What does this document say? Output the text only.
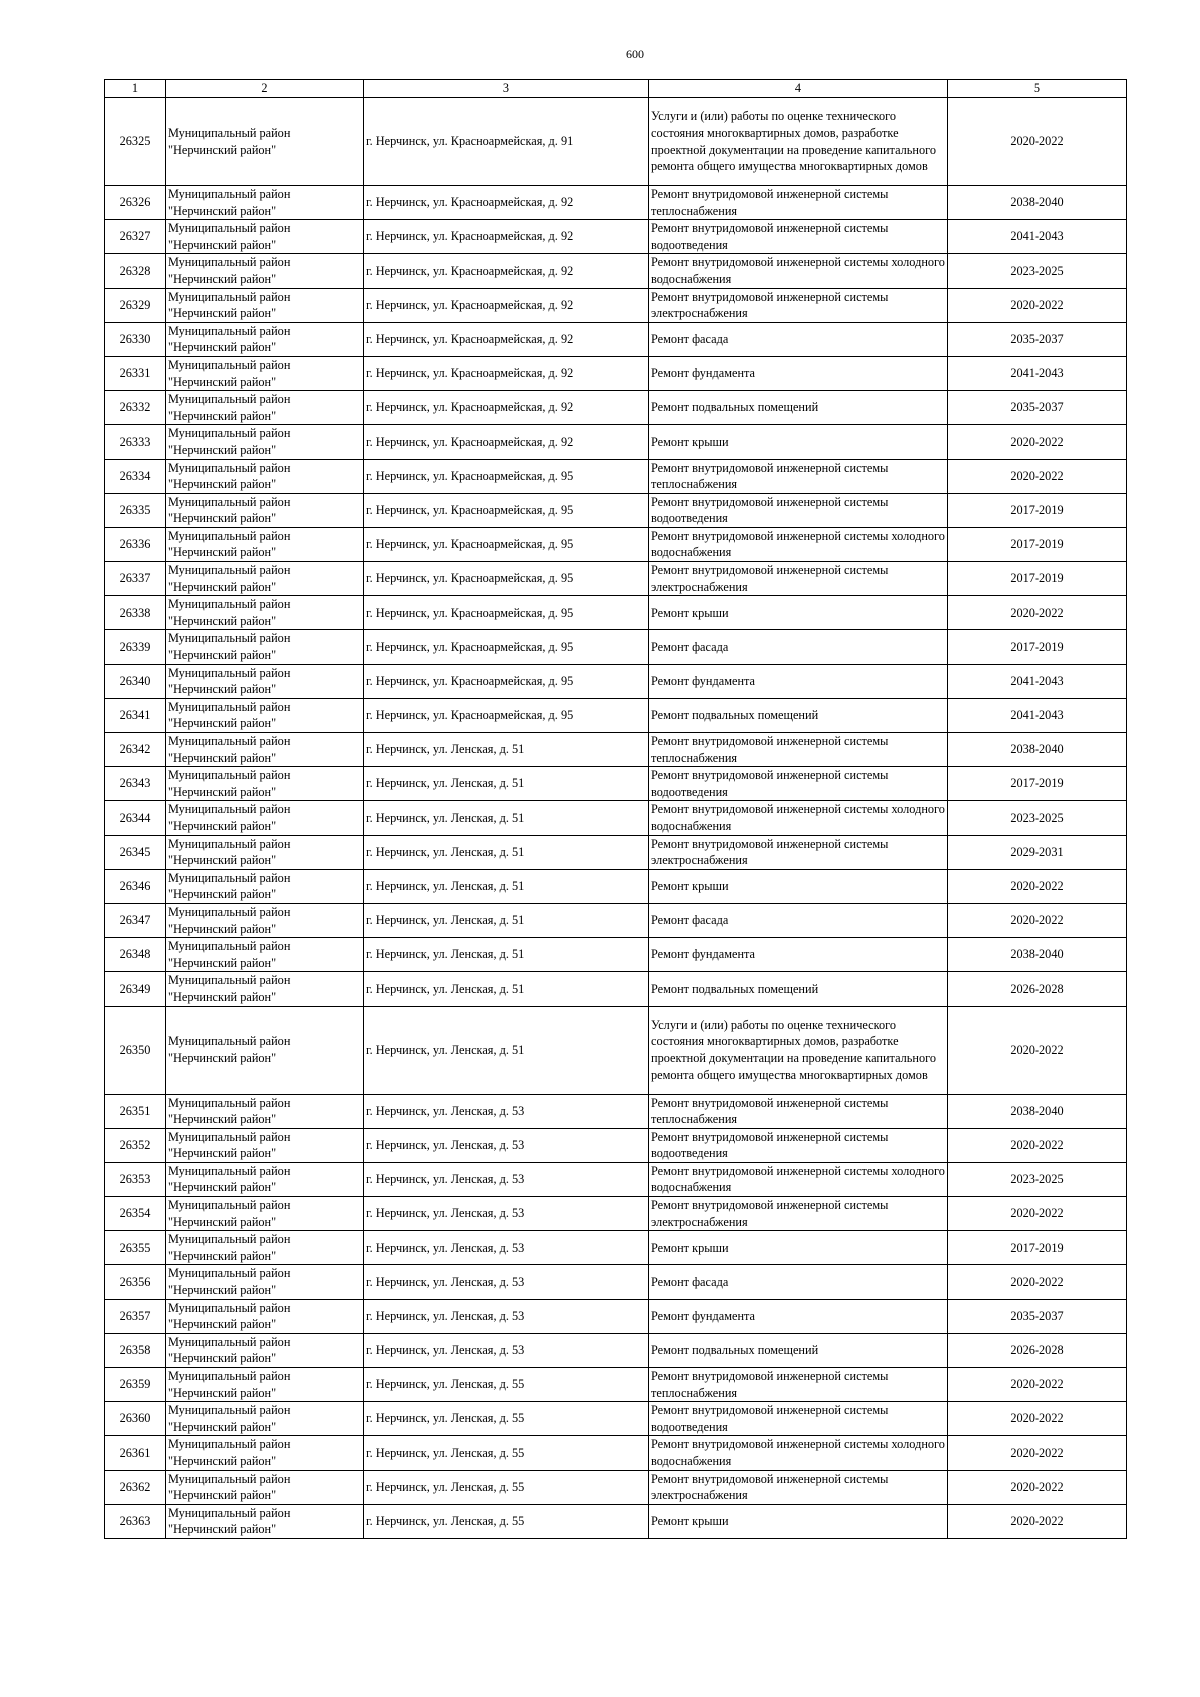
600
1	2	3	4	5
26325	Муниципальный район "Нерчинский район"	г. Нерчинск, ул. Красноармейская, д. 91	Услуги и (или) работы по оценке технического состояния многоквартирных домов, разработке проектной документации на проведение капитального ремонта общего имущества многоквартирных домов	2020-2022
26326	Муниципальный район "Нерчинский район"	г. Нерчинск, ул. Красноармейская, д. 92	Ремонт внутридомовой инженерной системы теплоснабжения	2038-2040
26327	Муниципальный район "Нерчинский район"	г. Нерчинск, ул. Красноармейская, д. 92	Ремонт внутридомовой инженерной системы водоотведения	2041-2043
26328	Муниципальный район "Нерчинский район"	г. Нерчинск, ул. Красноармейская, д. 92	Ремонт внутридомовой инженерной системы холодного водоснабжения	2023-2025
26329	Муниципальный район "Нерчинский район"	г. Нерчинск, ул. Красноармейская, д. 92	Ремонт внутридомовой инженерной системы электроснабжения	2020-2022
26330	Муниципальный район "Нерчинский район"	г. Нерчинск, ул. Красноармейская, д. 92	Ремонт фасада	2035-2037
26331	Муниципальный район "Нерчинский район"	г. Нерчинск, ул. Красноармейская, д. 92	Ремонт фундамента	2041-2043
26332	Муниципальный район "Нерчинский район"	г. Нерчинск, ул. Красноармейская, д. 92	Ремонт подвальных помещений	2035-2037
26333	Муниципальный район "Нерчинский район"	г. Нерчинск, ул. Красноармейская, д. 92	Ремонт крыши	2020-2022
26334	Муниципальный район "Нерчинский район"	г. Нерчинск, ул. Красноармейская, д. 95	Ремонт внутридомовой инженерной системы теплоснабжения	2020-2022
26335	Муниципальный район "Нерчинский район"	г. Нерчинск, ул. Красноармейская, д. 95	Ремонт внутридомовой инженерной системы водоотведения	2017-2019
26336	Муниципальный район "Нерчинский район"	г. Нерчинск, ул. Красноармейская, д. 95	Ремонт внутридомовой инженерной системы холодного водоснабжения	2017-2019
26337	Муниципальный район "Нерчинский район"	г. Нерчинск, ул. Красноармейская, д. 95	Ремонт внутридомовой инженерной системы электроснабжения	2017-2019
26338	Муниципальный район "Нерчинский район"	г. Нерчинск, ул. Красноармейская, д. 95	Ремонт крыши	2020-2022
26339	Муниципальный район "Нерчинский район"	г. Нерчинск, ул. Красноармейская, д. 95	Ремонт фасада	2017-2019
26340	Муниципальный район "Нерчинский район"	г. Нерчинск, ул. Красноармейская, д. 95	Ремонт фундамента	2041-2043
26341	Муниципальный район "Нерчинский район"	г. Нерчинск, ул. Красноармейская, д. 95	Ремонт подвальных помещений	2041-2043
26342	Муниципальный район "Нерчинский район"	г. Нерчинск, ул. Ленская, д. 51	Ремонт внутридомовой инженерной системы теплоснабжения	2038-2040
26343	Муниципальный район "Нерчинский район"	г. Нерчинск, ул. Ленская, д. 51	Ремонт внутридомовой инженерной системы водоотведения	2017-2019
26344	Муниципальный район "Нерчинский район"	г. Нерчинск, ул. Ленская, д. 51	Ремонт внутридомовой инженерной системы холодного водоснабжения	2023-2025
26345	Муниципальный район "Нерчинский район"	г. Нерчинск, ул. Ленская, д. 51	Ремонт внутридомовой инженерной системы электроснабжения	2029-2031
26346	Муниципальный район "Нерчинский район"	г. Нерчинск, ул. Ленская, д. 51	Ремонт крыши	2020-2022
26347	Муниципальный район "Нерчинский район"	г. Нерчинск, ул. Ленская, д. 51	Ремонт фасада	2020-2022
26348	Муниципальный район "Нерчинский район"	г. Нерчинск, ул. Ленская, д. 51	Ремонт фундамента	2038-2040
26349	Муниципальный район "Нерчинский район"	г. Нерчинск, ул. Ленская, д. 51	Ремонт подвальных помещений	2026-2028
26350	Муниципальный район "Нерчинский район"	г. Нерчинск, ул. Ленская, д. 51	Услуги и (или) работы по оценке технического состояния многоквартирных домов, разработке проектной документации на проведение капитального ремонта общего имущества многоквартирных домов	2020-2022
26351	Муниципальный район "Нерчинский район"	г. Нерчинск, ул. Ленская, д. 53	Ремонт внутридомовой инженерной системы теплоснабжения	2038-2040
26352	Муниципальный район "Нерчинский район"	г. Нерчинск, ул. Ленская, д. 53	Ремонт внутридомовой инженерной системы водоотведения	2020-2022
26353	Муниципальный район "Нерчинский район"	г. Нерчинск, ул. Ленская, д. 53	Ремонт внутридомовой инженерной системы холодного водоснабжения	2023-2025
26354	Муниципальный район "Нерчинский район"	г. Нерчинск, ул. Ленская, д. 53	Ремонт внутридомовой инженерной системы электроснабжения	2020-2022
26355	Муниципальный район "Нерчинский район"	г. Нерчинск, ул. Ленская, д. 53	Ремонт крыши	2017-2019
26356	Муниципальный район "Нерчинский район"	г. Нерчинск, ул. Ленская, д. 53	Ремонт фасада	2020-2022
26357	Муниципальный район "Нерчинский район"	г. Нерчинск, ул. Ленская, д. 53	Ремонт фундамента	2035-2037
26358	Муниципальный район "Нерчинский район"	г. Нерчинск, ул. Ленская, д. 53	Ремонт подвальных помещений	2026-2028
26359	Муниципальный район "Нерчинский район"	г. Нерчинск, ул. Ленская, д. 55	Ремонт внутридомовой инженерной системы теплоснабжения	2020-2022
26360	Муниципальный район "Нерчинский район"	г. Нерчинск, ул. Ленская, д. 55	Ремонт внутридомовой инженерной системы водоотведения	2020-2022
26361	Муниципальный район "Нерчинский район"	г. Нерчинск, ул. Ленская, д. 55	Ремонт внутридомовой инженерной системы холодного водоснабжения	2020-2022
26362	Муниципальный район "Нерчинский район"	г. Нерчинск, ул. Ленская, д. 55	Ремонт внутридомовой инженерной системы электроснабжения	2020-2022
26363	Муниципальный район "Нерчинский район"	г. Нерчинск, ул. Ленская, д. 55	Ремонт крыши	2020-2022
